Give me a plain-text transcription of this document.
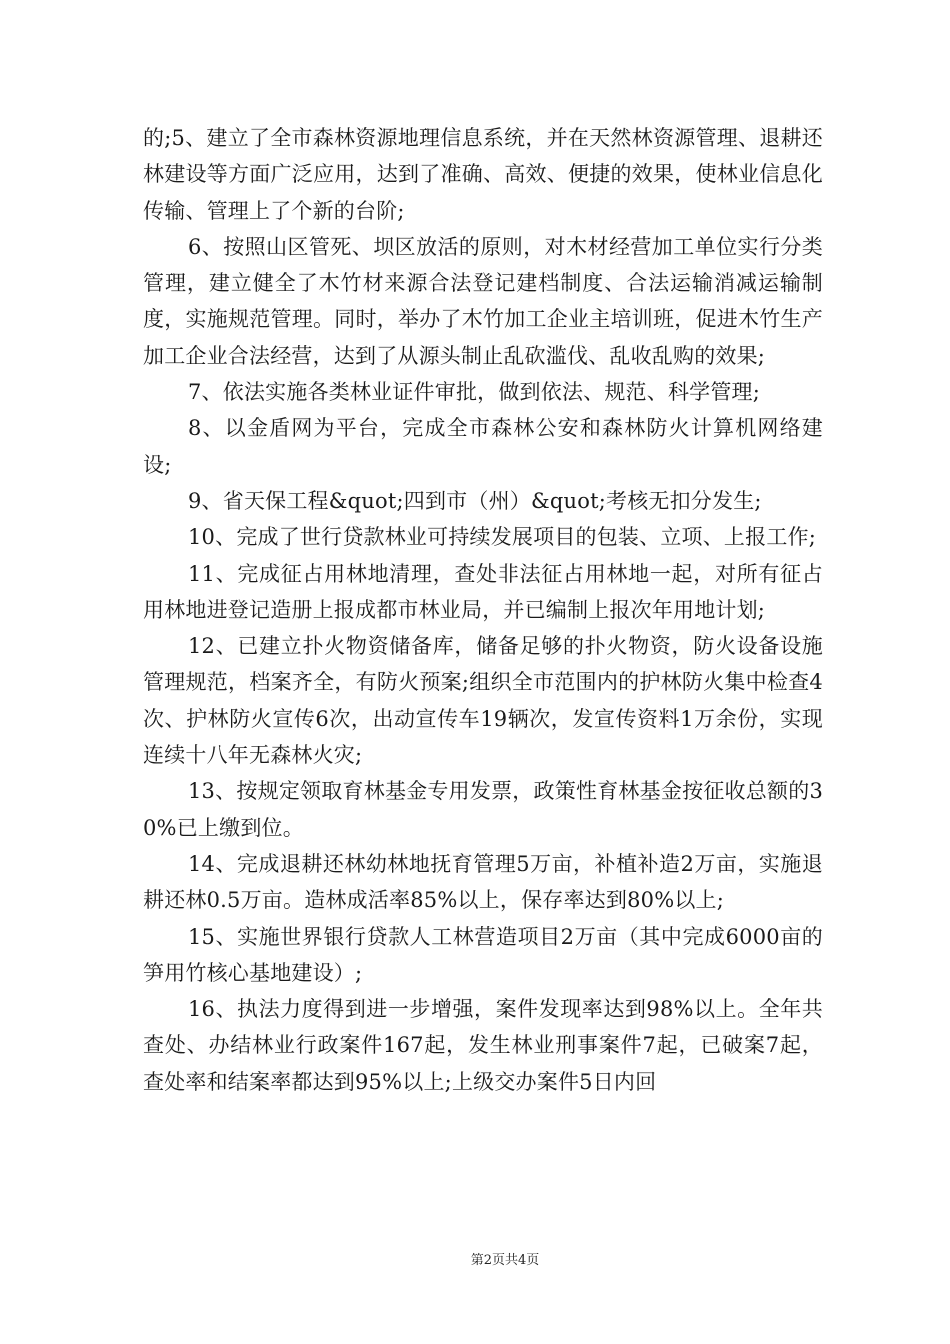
的;5、建立了全市森林资源地理信息系统，并在天然林资源管理、退耕还林建设等方面广泛应用，达到了准确、高效、便捷的效果，使林业信息化传输、管理上了个新的台阶;

6、按照山区管死、坝区放活的原则，对木材经营加工单位实行分类管理，建立健全了木竹材来源合法登记建档制度、合法运输消减运输制度，实施规范管理。同时，举办了木竹加工企业主培训班，促进木竹生产加工企业合法经营，达到了从源头制止乱砍滥伐、乱收乱购的效果;

7、依法实施各类林业证件审批，做到依法、规范、科学管理;

8、以金盾网为平台，完成全市森林公安和森林防火计算机网络建设;

9、省天保工程&quot;四到市（州）&quot;考核无扣分发生;

10、完成了世行贷款林业可持续发展项目的包装、立项、上报工作;

11、完成征占用林地清理，查处非法征占用林地一起，对所有征占用林地进登记造册上报成都市林业局，并已编制上报次年用地计划;

12、已建立扑火物资储备库，储备足够的扑火物资，防火设备设施管理规范，档案齐全，有防火预案;组织全市范围内的护林防火集中检查4次、护林防火宣传6次，出动宣传车19辆次，发宣传资料1万余份，实现连续十八年无森林火灾;

13、按规定领取育林基金专用发票，政策性育林基金按征收总额的30%已上缴到位。

14、完成退耕还林幼林地抚育管理5万亩，补植补造2万亩，实施退耕还林0.5万亩。造林成活率85%以上，保存率达到80%以上;

15、实施世界银行贷款人工林营造项目2万亩（其中完成6000亩的笋用竹核心基地建设）;

16、执法力度得到进一步增强，案件发现率达到98%以上。全年共查处、办结林业行政案件167起，发生林业刑事案件7起，已破案7起，查处率和结案率都达到95%以上;上级交办案件5日内回

第2页共4页
